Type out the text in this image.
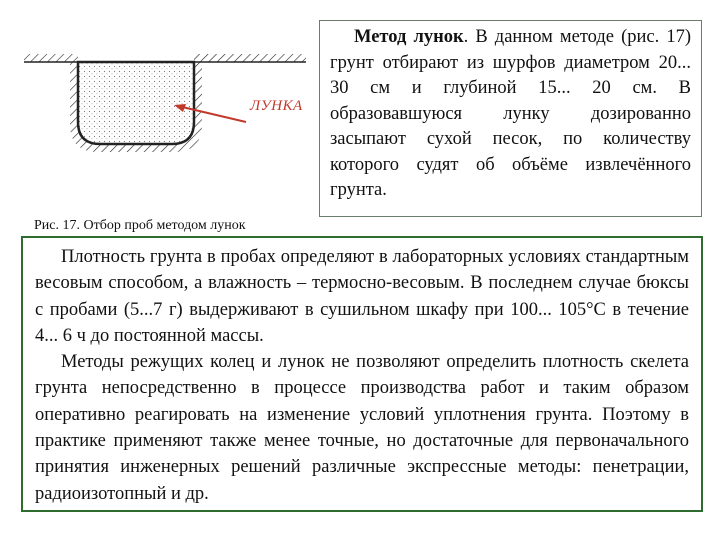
ЛУНКА
Рис. 17. Отбор проб методом лунок
Метод лунок. В данном методе (рис. 17) грунт отбирают из шурфов диаметром 20... 30 см и глубиной 15... 20 см. В образовавшуюся лунку дозированно засыпают сухой песок, по количеству которого судят об объёме извлечённого грунта.

Плотность грунта в пробах определяют в лабораторных условиях стандартным весовым способом, а влажность – термосно-весовым. В последнем случае бюксы с пробами (5...7 г) выдерживают в сушильном шкафу при 100... 105°С в течение 4... 6 ч до постоянной массы.

Методы режущих колец и лунок не позволяют определить плотность скелета грунта непосредственно в процессе производства работ и таким образом оперативно реагировать на изменение условий уплотнения грунта. Поэтому в практике применяют также менее точные, но достаточные для первоначального принятия инженерных решений различные экспрессные методы: пенетрации, радиоизотопный и др.
